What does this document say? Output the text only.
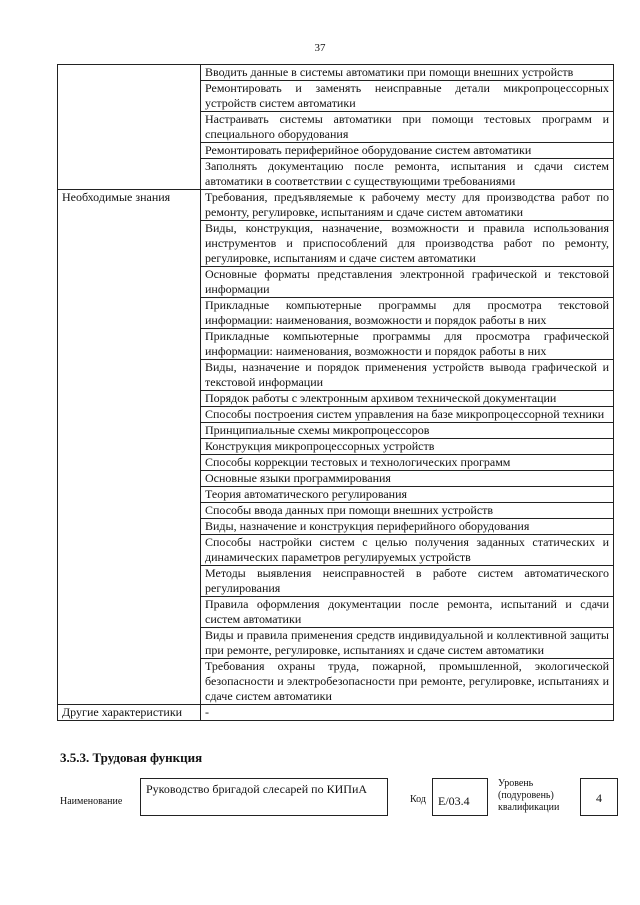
37
	Вводить данные в системы автоматики при помощи внешних устройств
	Ремонтировать и заменять неисправные детали микропроцессорных устройств систем автоматики
	Настраивать системы автоматики при помощи тестовых программ и специального оборудования
	Ремонтировать периферийное оборудование систем автоматики
	Заполнять документацию после ремонта, испытания и сдачи систем автоматики в соответствии с существующими требованиями
Необходимые знания	Требования, предъявляемые к рабочему месту для производства работ по ремонту, регулировке, испытаниям и сдаче систем автоматики
	Виды, конструкция, назначение, возможности и правила использования инструментов и приспособлений для производства работ по ремонту, регулировке, испытаниям и сдаче систем автоматики
	Основные форматы представления электронной графической и текстовой информации
	Прикладные компьютерные программы для просмотра текстовой информации: наименования, возможности и порядок работы в них
	Прикладные компьютерные программы для просмотра графической информации: наименования, возможности и порядок работы в них
	Виды, назначение и порядок применения устройств вывода графической и текстовой информации
	Порядок работы с электронным архивом технической документации
	Способы построения систем управления на базе микропроцессорной техники
	Принципиальные схемы микропроцессоров
	Конструкция микропроцессорных устройств
	Способы коррекции тестовых и технологических программ
	Основные языки программирования
	Теория автоматического регулирования
	Способы ввода данных при помощи внешних устройств
	Виды, назначение и конструкция периферийного оборудования
	Способы настройки систем с целью получения заданных статических и динамических параметров регулируемых устройств
	Методы выявления неисправностей в работе систем автоматического регулирования
	Правила оформления документации после ремонта, испытаний и сдачи систем автоматики
	Виды и правила применения средств индивидуальной и коллективной защиты при ремонте, регулировке, испытаниях и сдаче систем автоматики
	Требования охраны труда, пожарной, промышленной, экологической безопасности и электробезопасности при ремонте, регулировке, испытаниях и сдаче систем автоматики
Другие характеристики	-
3.5.3. Трудовая функция
Наименование
Руководство бригадой слесарей по КИПиА
Код	E/03.4
Уровень
(подуровень)
квалификации
4
